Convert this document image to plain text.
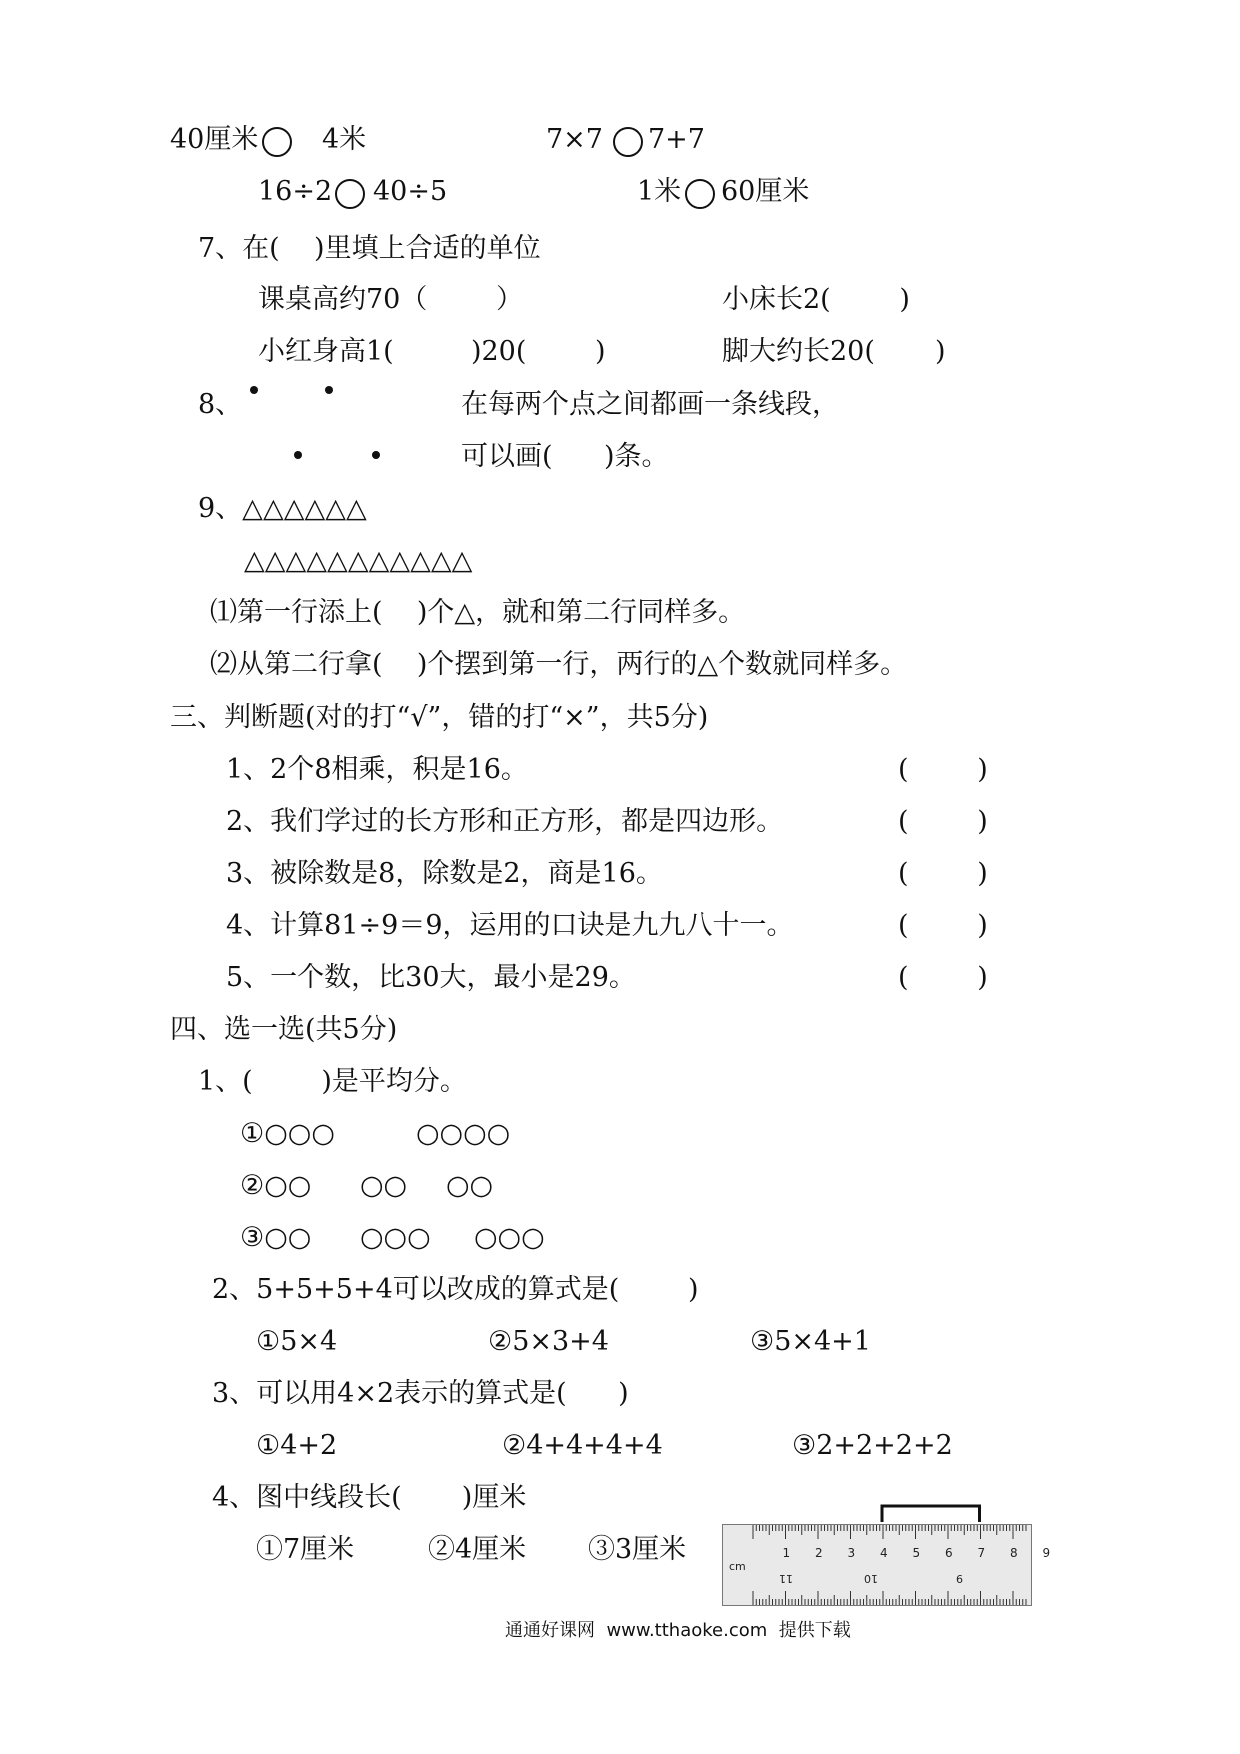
40厘米 4米	7×7 7+7
16÷2 40÷5	1米 60厘米
7、在(    )里填上合适的单位
课桌高约70（        ）	小床长2(        )
小红身高1(         )20(        )	脚大约长20(       )
8、	在每两个点之间都画一条线段，
可以画(      )条。
9、△△△△△△
△△△△△△△△△△△
⑴第一行添上(    )个△，就和第二行同样多。
⑵从第二行拿(    )个摆到第一行，两行的△个数就同样多。
三、判断题(对的打“√”，错的打“×”，共5分)
1、2个8相乘，积是16。	(        )
2、我们学过的长方形和正方形，都是四边形。	(        )
3、被除数是8，除数是2，商是16。	(        )
4、计算81÷9＝9，运用的口诀是九九八十一。	(        )
5、一个数，比30大，最小是29。	(        )
四、选一选(共5分)
1、(        )是平均分。
①○○○	○○○○
②○○ ○○ ○○
③○○ ○○○ ○○○
2、5+5+5+4可以改成的算式是(        )
①5×4	②5×3+4	③5×4+1
3、可以用4×2表示的算式是(      )
①4+2	②4+4+4+4	③2+2+2+2
4、图中线段长(       )厘米
①7厘米	②4厘米 ③3厘米
cm
1 2 3 4 5 6 7 8 9
11	10	9
通通好课网  www.tthaoke.com  提供下载
